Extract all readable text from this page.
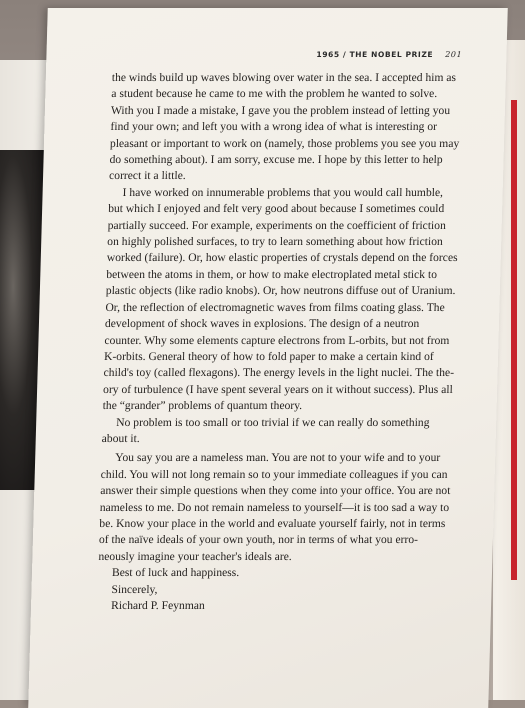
1965 / THE NOBEL PRIZE 201
the winds build up waves blowing over water in the sea. I accepted him as
a student because he came to me with the problem he wanted to solve.
With you I made a mistake, I gave you the problem instead of letting you
find your own; and left you with a wrong idea of what is interesting or
pleasant or important to work on (namely, those problems you see you may
do something about). I am sorry, excuse me. I hope by this letter to help
correct it a little.
I have worked on innumerable problems that you would call humble,
but which I enjoyed and felt very good about because I sometimes could
partially succeed. For example, experiments on the coefficient of friction
on highly polished surfaces, to try to learn something about how friction
worked (failure). Or, how elastic properties of crystals depend on the forces
between the atoms in them, or how to make electroplated metal stick to
plastic objects (like radio knobs). Or, how neutrons diffuse out of Uranium.
Or, the reflection of electromagnetic waves from films coating glass. The
development of shock waves in explosions. The design of a neutron
counter. Why some elements capture electrons from L-orbits, but not from
K-orbits. General theory of how to fold paper to make a certain kind of
child's toy (called flexagons). The energy levels in the light nuclei. The the-
ory of turbulence (I have spent several years on it without success). Plus all
the “grander” problems of quantum theory.
No problem is too small or too trivial if we can really do something
about it.
You say you are a nameless man. You are not to your wife and to your
child. You will not long remain so to your immediate colleagues if you can
answer their simple questions when they come into your office. You are not
nameless to me. Do not remain nameless to yourself—it is too sad a way to
be. Know your place in the world and evaluate yourself fairly, not in terms
of the naïve ideals of your own youth, nor in terms of what you erro-
neously imagine your teacher's ideals are.
Best of luck and happiness.
Sincerely,
Richard P. Feynman
